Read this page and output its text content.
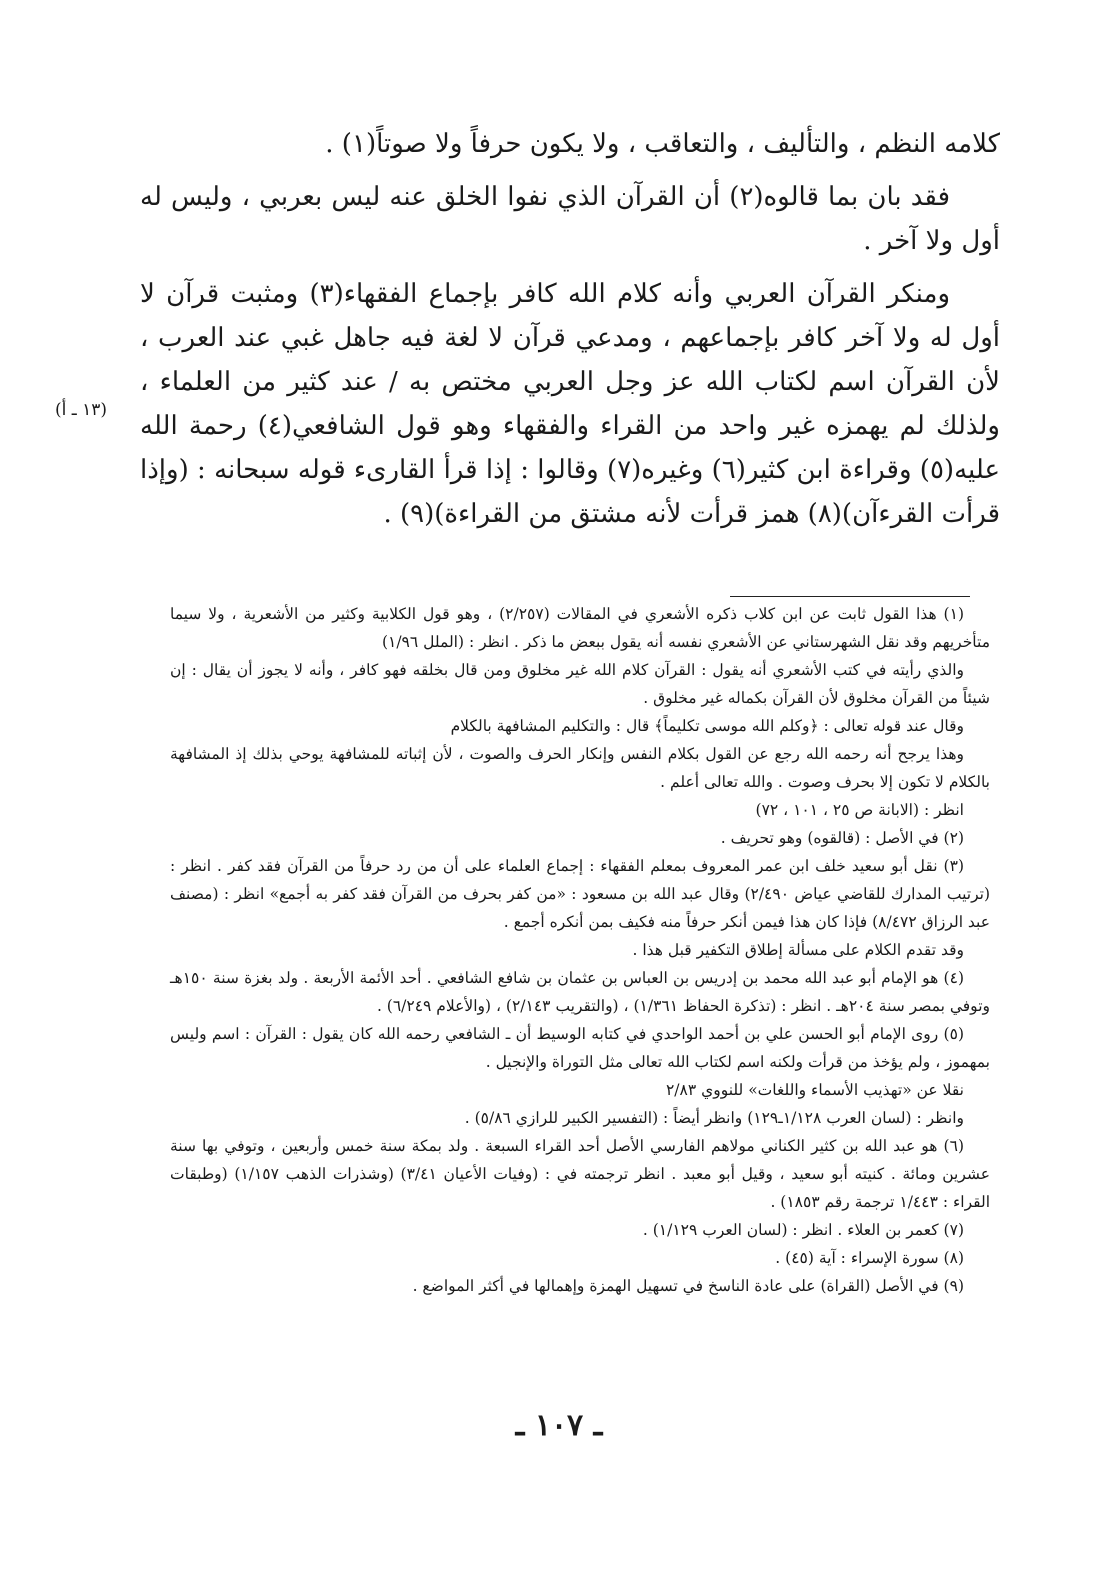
كلامه النظم ، والتأليف ، والتعاقب ، ولا يكون حرفاً ولا صوتاً(١) .

فقد بان بما قالوه(٢) أن القرآن الذي نفوا الخلق عنه ليس بعربي ، وليس له أول ولا آخر .

ومنكر القرآن العربي وأنه كلام الله كافر بإجماع الفقهاء(٣) ومثبت قرآن لا أول له ولا آخر كافر بإجماعهم ، ومدعي قرآن لا لغة فيه جاهل غبي عند العرب ، لأن القرآن اسم لكتاب الله عز وجل العربي مختص به / عند كثير من العلماء ، ولذلك لم يهمزه غير واحد من القراء والفقهاء وهو قول الشافعي(٤) رحمة الله عليه(٥) وقراءة ابن كثير(٦) وغيره(٧) وقالوا : إذا قرأ القارىء قوله سبحانه : (وإذا قرأت القرءآن)(٨) همز قرأت لأنه مشتق من القراءة)(٩) .

(١٣ ـ أ)

(١) هذا القول ثابت عن ابن كلاب ذكره الأشعري في المقالات (٢/٢٥٧) ، وهو قول الكلابية وكثير من الأشعرية ، ولا سيما متأخريهم وقد نقل الشهرستاني عن الأشعري نفسه أنه يقول ببعض ما ذكر . انظر : (الملل ١/٩٦)

والذي رأيته في كتب الأشعري أنه يقول : القرآن كلام الله غير مخلوق ومن قال بخلقه فهو كافر ، وأنه لا يجوز أن يقال : إن شيئاً من القرآن مخلوق لأن القرآن بكماله غير مخلوق .

وقال عند قوله تعالى : ﴿وكلم الله موسى تكليماً﴾ قال : والتكليم المشافهة بالكلام

وهذا يرجح أنه رحمه الله رجع عن القول بكلام النفس وإنكار الحرف والصوت ، لأن إثباته للمشافهة يوحي بذلك إذ المشافهة بالكلام لا تكون إلا بحرف وصوت . والله تعالى أعلم .

انظر : (الابانة ص ٢٥ ، ١٠١ ، ٧٢)

(٢) في الأصل : (قالقوه) وهو تحريف .

(٣) نقل أبو سعيد خلف ابن عمر المعروف بمعلم الفقهاء : إجماع العلماء على أن من رد حرفاً من القرآن فقد كفر . انظر : (ترتيب المدارك للقاضي عياض ٢/٤٩٠) وقال عبد الله بن مسعود : «من كفر بحرف من القرآن فقد كفر به أجمع» انظر : (مصنف عبد الرزاق ٨/٤٧٢) فإذا كان هذا فيمن أنكر حرفاً منه فكيف بمن أنكره أجمع .

وقد تقدم الكلام على مسألة إطلاق التكفير قبل هذا .

(٤) هو الإمام أبو عبد الله محمد بن إدريس بن العباس بن عثمان بن شافع الشافعي . أحد الأئمة الأربعة . ولد بغزة سنة ١٥٠هـ وتوفي بمصر سنة ٢٠٤هـ . انظر : (تذكرة الحفاظ ١/٣٦١) ، (والتقريب ٢/١٤٣) ، (والأعلام ٦/٢٤٩) .

(٥) روى الإمام أبو الحسن علي بن أحمد الواحدي في كتابه الوسيط أن ـ الشافعي رحمه الله كان يقول : القرآن : اسم وليس بمهموز ، ولم يؤخذ من قرأت ولكنه اسم لكتاب الله تعالى مثل التوراة والإنجيل .

نقلا عن «تهذيب الأسماء واللغات» للنووي ٢/٨٣

وانظر : (لسان العرب ١/١٢٨ـ١٢٩) وانظر أيضاً : (التفسير الكبير للرازي ٥/٨٦) .

(٦) هو عبد الله بن كثير الكناني مولاهم الفارسي الأصل أحد القراء السبعة . ولد بمكة سنة خمس وأربعين ، وتوفي بها سنة عشرين ومائة . كنيته أبو سعيد ، وقيل أبو معبد . انظر ترجمته في : (وفيات الأعيان ٣/٤١) (وشذرات الذهب ١/١٥٧) (وطبقات القراء : ١/٤٤٣ ترجمة رقم ١٨٥٣) .

(٧) كعمر بن العلاء . انظر : (لسان العرب ١/١٢٩) .

(٨) سورة الإسراء : آية (٤٥) .

(٩) في الأصل (القراة) على عادة الناسخ في تسهيل الهمزة وإهمالها في أكثر المواضع .

ـ ١٠٧ ـ
